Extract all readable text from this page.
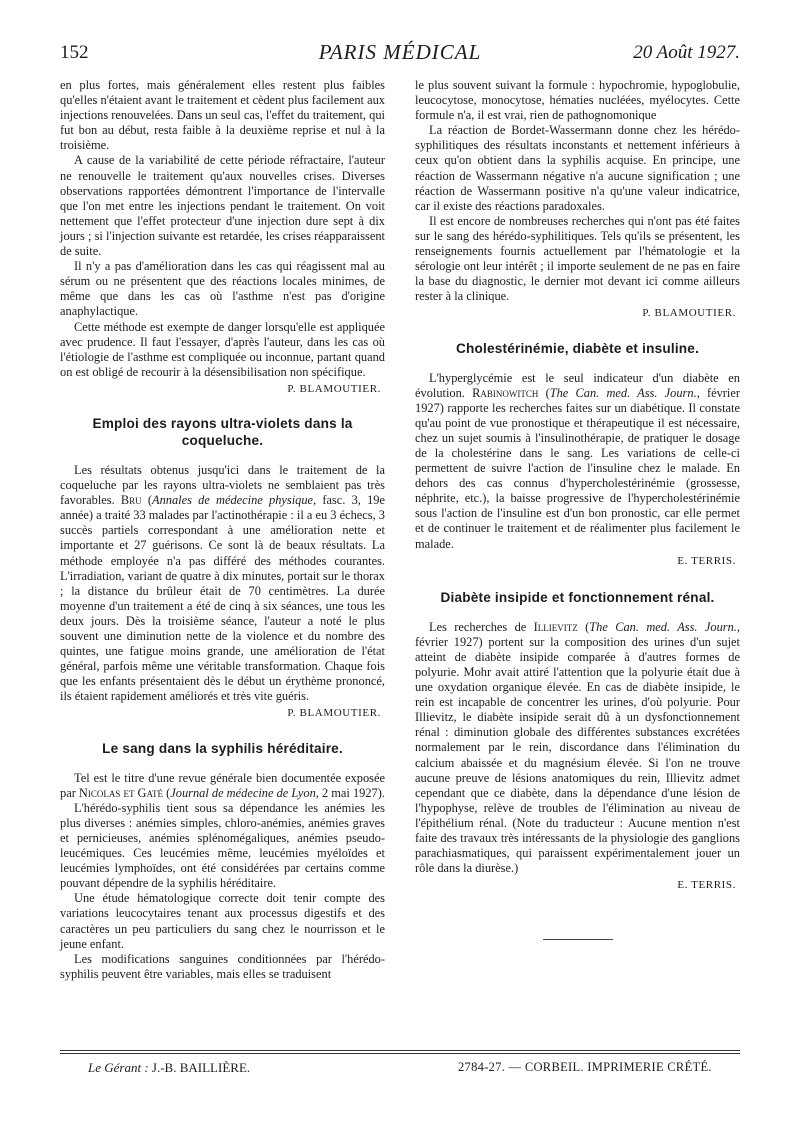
152	PARIS MÉDICAL	20 Août 1927.

en plus fortes, mais généralement elles restent plus faibles qu'elles n'étaient avant le traitement et cèdent plus facilement aux injections renouvelées. Dans un seul cas, l'effet du traitement, qui fut bon au début, resta faible à la deuxième reprise et nul à la troisième.

A cause de la variabilité de cette période réfractaire, l'auteur ne renouvelle le traitement qu'aux nouvelles crises. Diverses observations rapportées démontrent l'importance de l'intervalle que l'on met entre les injections pendant le traitement. On voit nettement que l'effet protecteur d'une injection dure sept à dix jours ; si l'injection suivante est retardée, les crises réapparaissent de suite.

Il n'y a pas d'amélioration dans les cas qui réagissent mal au sérum ou ne présentent que des réactions locales minimes, de même que dans les cas où l'asthme n'est pas d'origine anaphylactique.

Cette méthode est exempte de danger lorsqu'elle est appliquée avec prudence. Il faut l'essayer, d'après l'auteur, dans les cas où l'étiologie de l'asthme est compliquée ou inconnue, partant quand on est obligé de recourir à la désensibilisation non spécifique.

P. BLAMOUTIER.
Emploi des rayons ultra-violets dans la coqueluche.

Les résultats obtenus jusqu'ici dans le traitement de la coqueluche par les rayons ultra-violets ne semblaient pas très favorables. Bru (Annales de médecine physique, fasc. 3, 19e année) a traité 33 malades par l'actinothérapie : il a eu 3 échecs, 3 succès partiels correspondant à une amélioration nette et importante et 27 guérisons. Ce sont là de beaux résultats. La méthode employée n'a pas différé des méthodes courantes. L'irradiation, variant de quatre à dix minutes, portait sur le thorax ; la distance du brûleur était de 70 centimètres. La durée moyenne d'un traitement a été de cinq à six séances, une tous les deux jours. Dès la troisième séance, l'auteur a noté le plus souvent une diminution nette de la violence et du nombre des quintes, une fatigue moins grande, une amélioration de l'état général, parfois même une véritable transformation. Chaque fois que les enfants présentaient dès le début un érythème prononcé, ils étaient rapidement améliorés et très vite guéris.

P. BLAMOUTIER.
Le sang dans la syphilis héréditaire.

Tel est le titre d'une revue générale bien documentée exposée par Nicolas et Gaté (Journal de médecine de Lyon, 2 mai 1927).

L'hérédo-syphilis tient sous sa dépendance les anémies les plus diverses : anémies simples, chloro-anémies, anémies graves et pernicieuses, anémies splénomégaliques, anémies pseudo-leucémiques. Ces leucémies même, leucémies myéloïdes et leucémies lymphoïdes, ont été considérées par certains comme pouvant dépendre de la syphilis héréditaire.

Une étude hématologique correcte doit tenir compte des variations leucocytaires tenant aux processus digestifs et des caractères un peu particuliers du sang chez le nourrisson et le jeune enfant.

Les modifications sanguines conditionnées par l'hérédo-syphilis peuvent être variables, mais elles se traduisent

le plus souvent suivant la formule : hypochromie, hypoglobulie, leucocytose, monocytose, hématies nucléées, myélocytes. Cette formule n'a, il est vrai, rien de pathognomonique

La réaction de Bordet-Wassermann donne chez les hérédo-syphilitiques des résultats inconstants et nettement inférieurs à ceux qu'on obtient dans la syphilis acquise. En principe, une réaction de Wassermann négative n'a aucune signification ; une réaction de Wassermann positive n'a qu'une valeur indicatrice, car il existe des réactions paradoxales.

Il est encore de nombreuses recherches qui n'ont pas été faites sur le sang des hérédo-syphilitiques. Tels qu'ils se présentent, les renseignements fournis actuellement par l'hématologie et la sérologie ont leur intérêt ; il importe seulement de ne pas en faire la base du diagnostic, le dernier mot devant ici comme ailleurs rester à la clinique.

P. BLAMOUTIER.
Cholestérinémie, diabète et insuline.

L'hyperglycémie est le seul indicateur d'un diabète en évolution. Rabinowitch (The Can. med. Ass. Journ., février 1927) rapporte les recherches faites sur un diabétique. Il constate qu'au point de vue pronostique et thérapeutique il est nécessaire, chez un sujet soumis à l'insulinothérapie, de pratiquer le dosage de la cholestérine dans le sang. Les variations de celle-ci permettent de suivre l'action de l'insuline chez le malade. En dehors des cas connus d'hypercholestérinémie (grossesse, néphrite, etc.), la baisse progressive de l'hypercholestérinémie sous l'action de l'insuline est d'un bon pronostic, car elle permet et de continuer le traitement et de réalimenter plus facilement le malade.

E. TERRIS.
Diabète insipide et fonctionnement rénal.

Les recherches de Illievitz (The Can. med. Ass. Journ., février 1927) portent sur la composition des urines d'un sujet atteint de diabète insipide comparée à d'autres formes de polyurie. Mohr avait attiré l'attention que la polyurie était due à une oxydation organique élevée. En cas de diabète insipide, le rein est incapable de concentrer les urines, d'où polyurie. Pour Illievitz, le diabète insipide serait dû à un dysfonctionnement rénal : diminution globale des différentes substances excrétées normalement par le rein, discordance dans l'élimination du calcium abaissée et du magnésium élevée. Si l'on ne trouve aucune preuve de lésions anatomiques du rein, Illievitz admet cependant que ce diabète, dans la dépendance d'une lésion de l'hypophyse, relève de troubles de l'élimination au niveau de l'épithélium rénal. (Note du traducteur : Aucune mention n'est faite des travaux très intéressants de la physiologie des ganglions parachiasmatiques, qui paraissent expérimentalement jouer un rôle dans la diurèse.)

E. TERRIS.
Le Gérant : J.-B. BAILLIÈRE.	2784-27. — CORBEIL. IMPRIMERIE CRÉTÉ.
